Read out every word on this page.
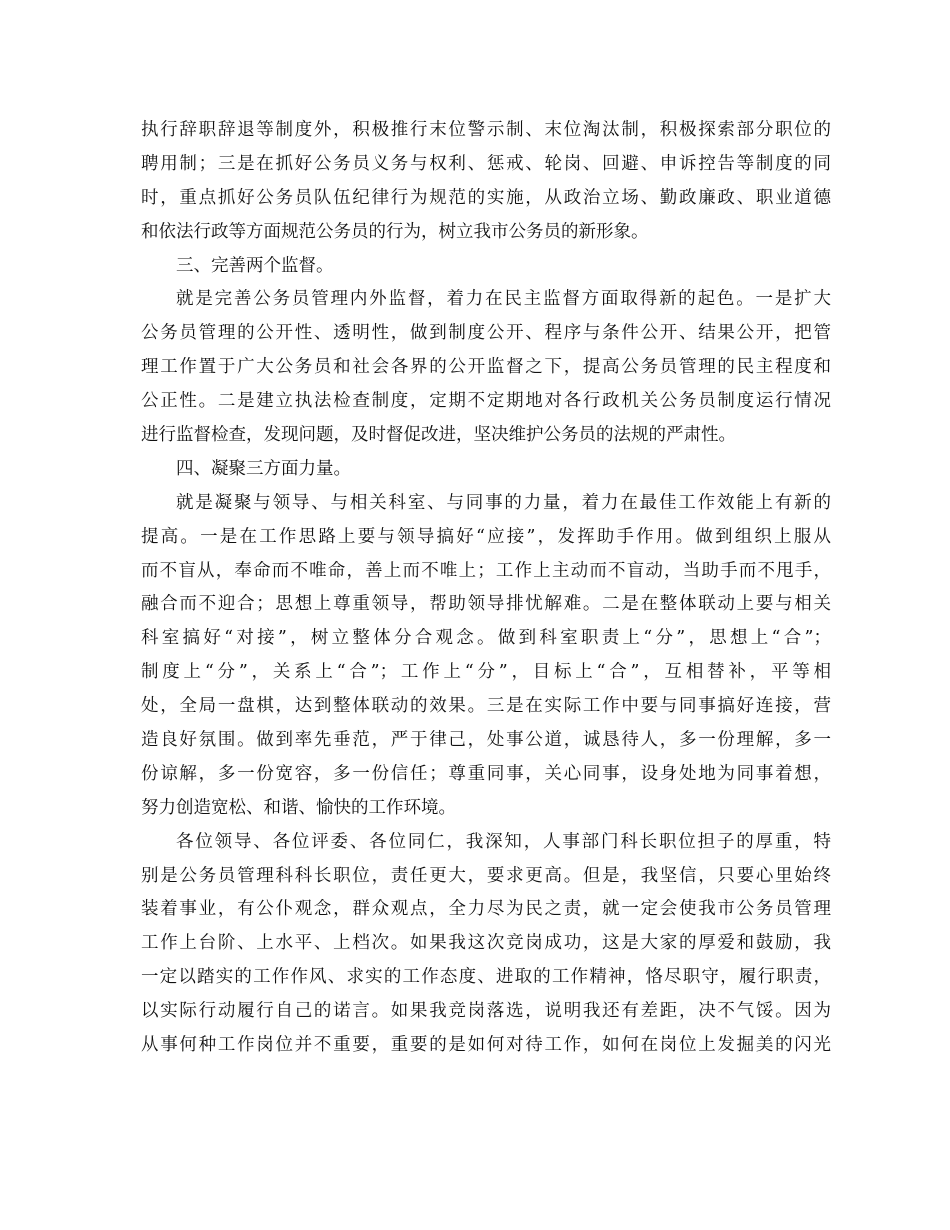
执行辞职辞退等制度外，积极推行末位警示制、末位淘汰制，积极探索部分职位的
聘用制；三是在抓好公务员义务与权利、惩戒、轮岗、回避、申诉控告等制度的同
时，重点抓好公务员队伍纪律行为规范的实施，从政治立场、勤政廉政、职业道德
和依法行政等方面规范公务员的行为，树立我市公务员的新形象。
三、完善两个监督。
就是完善公务员管理内外监督，着力在民主监督方面取得新的起色。一是扩大
公务员管理的公开性、透明性，做到制度公开、程序与条件公开、结果公开，把管
理工作置于广大公务员和社会各界的公开监督之下，提高公务员管理的民主程度和
公正性。二是建立执法检查制度，定期不定期地对各行政机关公务员制度运行情况
进行监督检查，发现问题，及时督促改进，坚决维护公务员的法规的严肃性。
四、凝聚三方面力量。
就是凝聚与领导、与相关科室、与同事的力量，着力在最佳工作效能上有新的
提高。一是在工作思路上要与领导搞好“应接”，发挥助手作用。做到组织上服从
而不盲从，奉命而不唯命，善上而不唯上；工作上主动而不盲动，当助手而不甩手，
融合而不迎合；思想上尊重领导，帮助领导排忧解难。二是在整体联动上要与相关
科室搞好“对接”，树立整体分合观念。做到科室职责上“分”，思想上“合”；
制度上“分”，关系上“合”；工作上“分”，目标上“合”，互相替补，平等相
处，全局一盘棋，达到整体联动的效果。三是在实际工作中要与同事搞好连接，营
造良好氛围。做到率先垂范，严于律己，处事公道，诚恳待人，多一份理解，多一
份谅解，多一份宽容，多一份信任；尊重同事，关心同事，设身处地为同事着想，
努力创造宽松、和谐、愉快的工作环境。
各位领导、各位评委、各位同仁，我深知，人事部门科长职位担子的厚重，特
别是公务员管理科科长职位，责任更大，要求更高。但是，我坚信，只要心里始终
装着事业，有公仆观念，群众观点，全力尽为民之责，就一定会使我市公务员管理
工作上台阶、上水平、上档次。如果我这次竞岗成功，这是大家的厚爱和鼓励，我
一定以踏实的工作作风、求实的工作态度、进取的工作精神，恪尽职守，履行职责，
以实际行动履行自己的诺言。如果我竞岗落选，说明我还有差距，决不气馁。因为
从事何种工作岗位并不重要，重要的是如何对待工作，如何在岗位上发掘美的闪光
